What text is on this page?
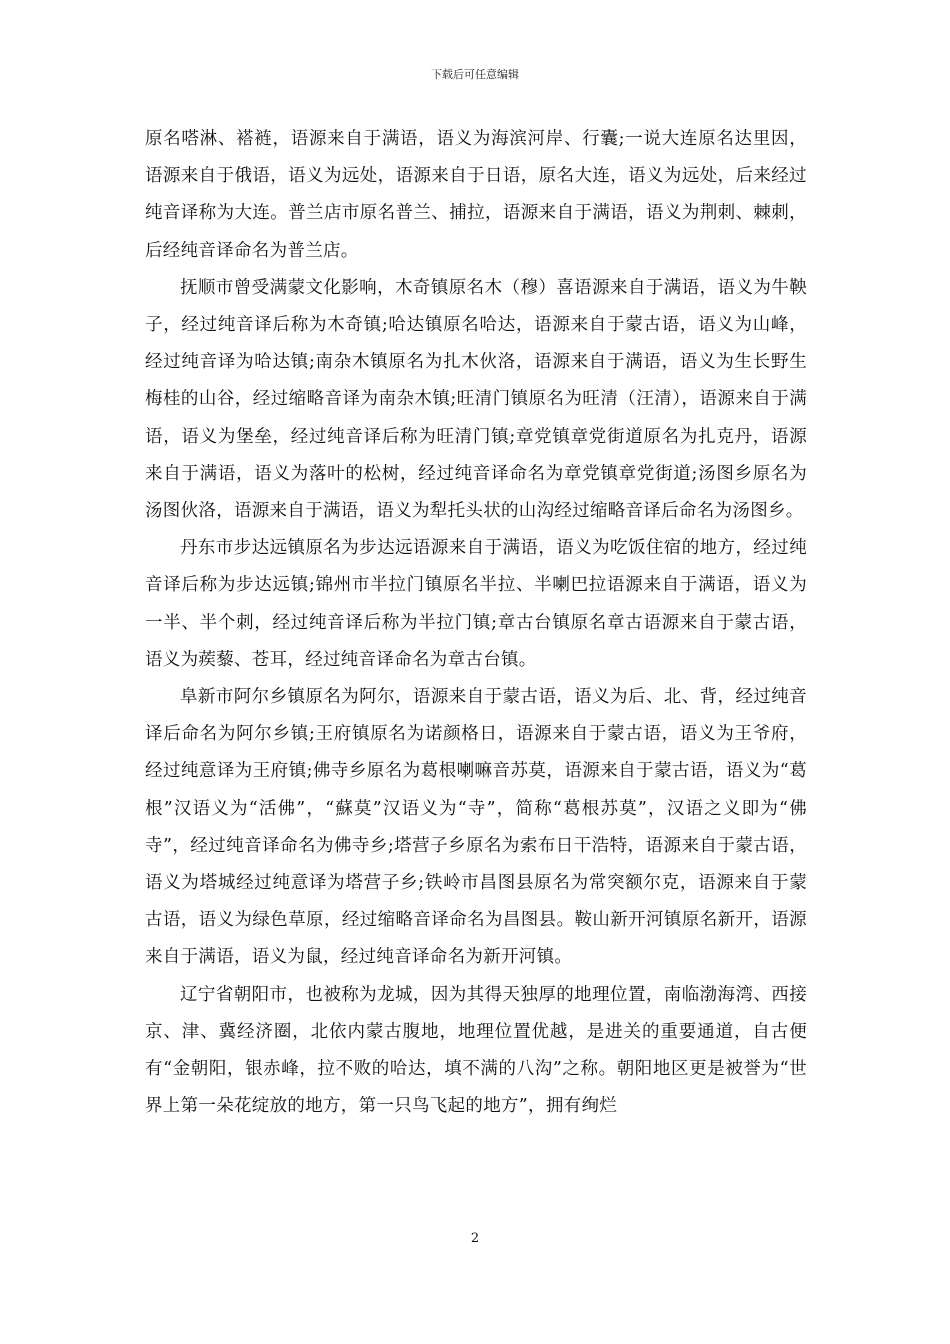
下载后可任意编辑

原名嗒淋、褡裢，语源来自于满语，语义为海滨河岸、行囊;一说大连原名达里因，语源来自于俄语，语义为远处，语源来自于日语，原名大连，语义为远处，后来经过纯音译称为大连。普兰店市原名普兰、捕拉，语源来自于满语，语义为荆刺、棘刺，后经纯音译命名为普兰店。

抚顺市曾受满蒙文化影响，木奇镇原名木（穆）喜语源来自于满语，语义为牛鞅子，经过纯音译后称为木奇镇;哈达镇原名哈达，语源来自于蒙古语，语义为山峰，经过纯音译为哈达镇;南杂木镇原名为扎木伙洛，语源来自于满语，语义为生长野生梅桂的山谷，经过缩略音译为南杂木镇;旺清门镇原名为旺清（汪清），语源来自于满语，语义为堡垒，经过纯音译后称为旺清门镇;章党镇章党街道原名为扎克丹，语源来自于满语，语义为落叶的松树，经过纯音译命名为章党镇章党街道;汤图乡原名为汤图伙洛，语源来自于满语，语义为犁托头状的山沟经过缩略音译后命名为汤图乡。

丹东市步达远镇原名为步达远语源来自于满语，语义为吃饭住宿的地方，经过纯音译后称为步达远镇;锦州市半拉门镇原名半拉、半喇巴拉语源来自于满语，语义为一半、半个刺，经过纯音译后称为半拉门镇;章古台镇原名章古语源来自于蒙古语，语义为蒺藜、苍耳，经过纯音译命名为章古台镇。

阜新市阿尔乡镇原名为阿尔，语源来自于蒙古语，语义为后、北、背，经过纯音译后命名为阿尔乡镇;王府镇原名为诺颜格日，语源来自于蒙古语，语义为王爷府，经过纯意译为王府镇;佛寺乡原名为葛根喇嘛音苏莫，语源来自于蒙古语，语义为“葛根”汉语义为“活佛”，“蘇莫”汉语义为“寺”，简称“葛根苏莫”，汉语之义即为“佛寺”，经过纯音译命名为佛寺乡;塔营子乡原名为索布日干浩特，语源来自于蒙古语，语义为塔城经过纯意译为塔营子乡;铁岭市昌图县原名为常突额尔克，语源来自于蒙古语，语义为绿色草原，经过缩略音译命名为昌图县。鞍山新开河镇原名新开，语源来自于满语，语义为鼠，经过纯音译命名为新开河镇。

辽宁省朝阳市，也被称为龙城，因为其得天独厚的地理位置，南临渤海湾、西接京、津、冀经济圈，北依内蒙古腹地，地理位置优越，是进关的重要通道，自古便有“金朝阳，银赤峰，拉不败的哈达，填不满的八沟”之称。朝阳地区更是被誉为“世界上第一朵花绽放的地方，第一只鸟飞起的地方”，拥有绚烂

2
